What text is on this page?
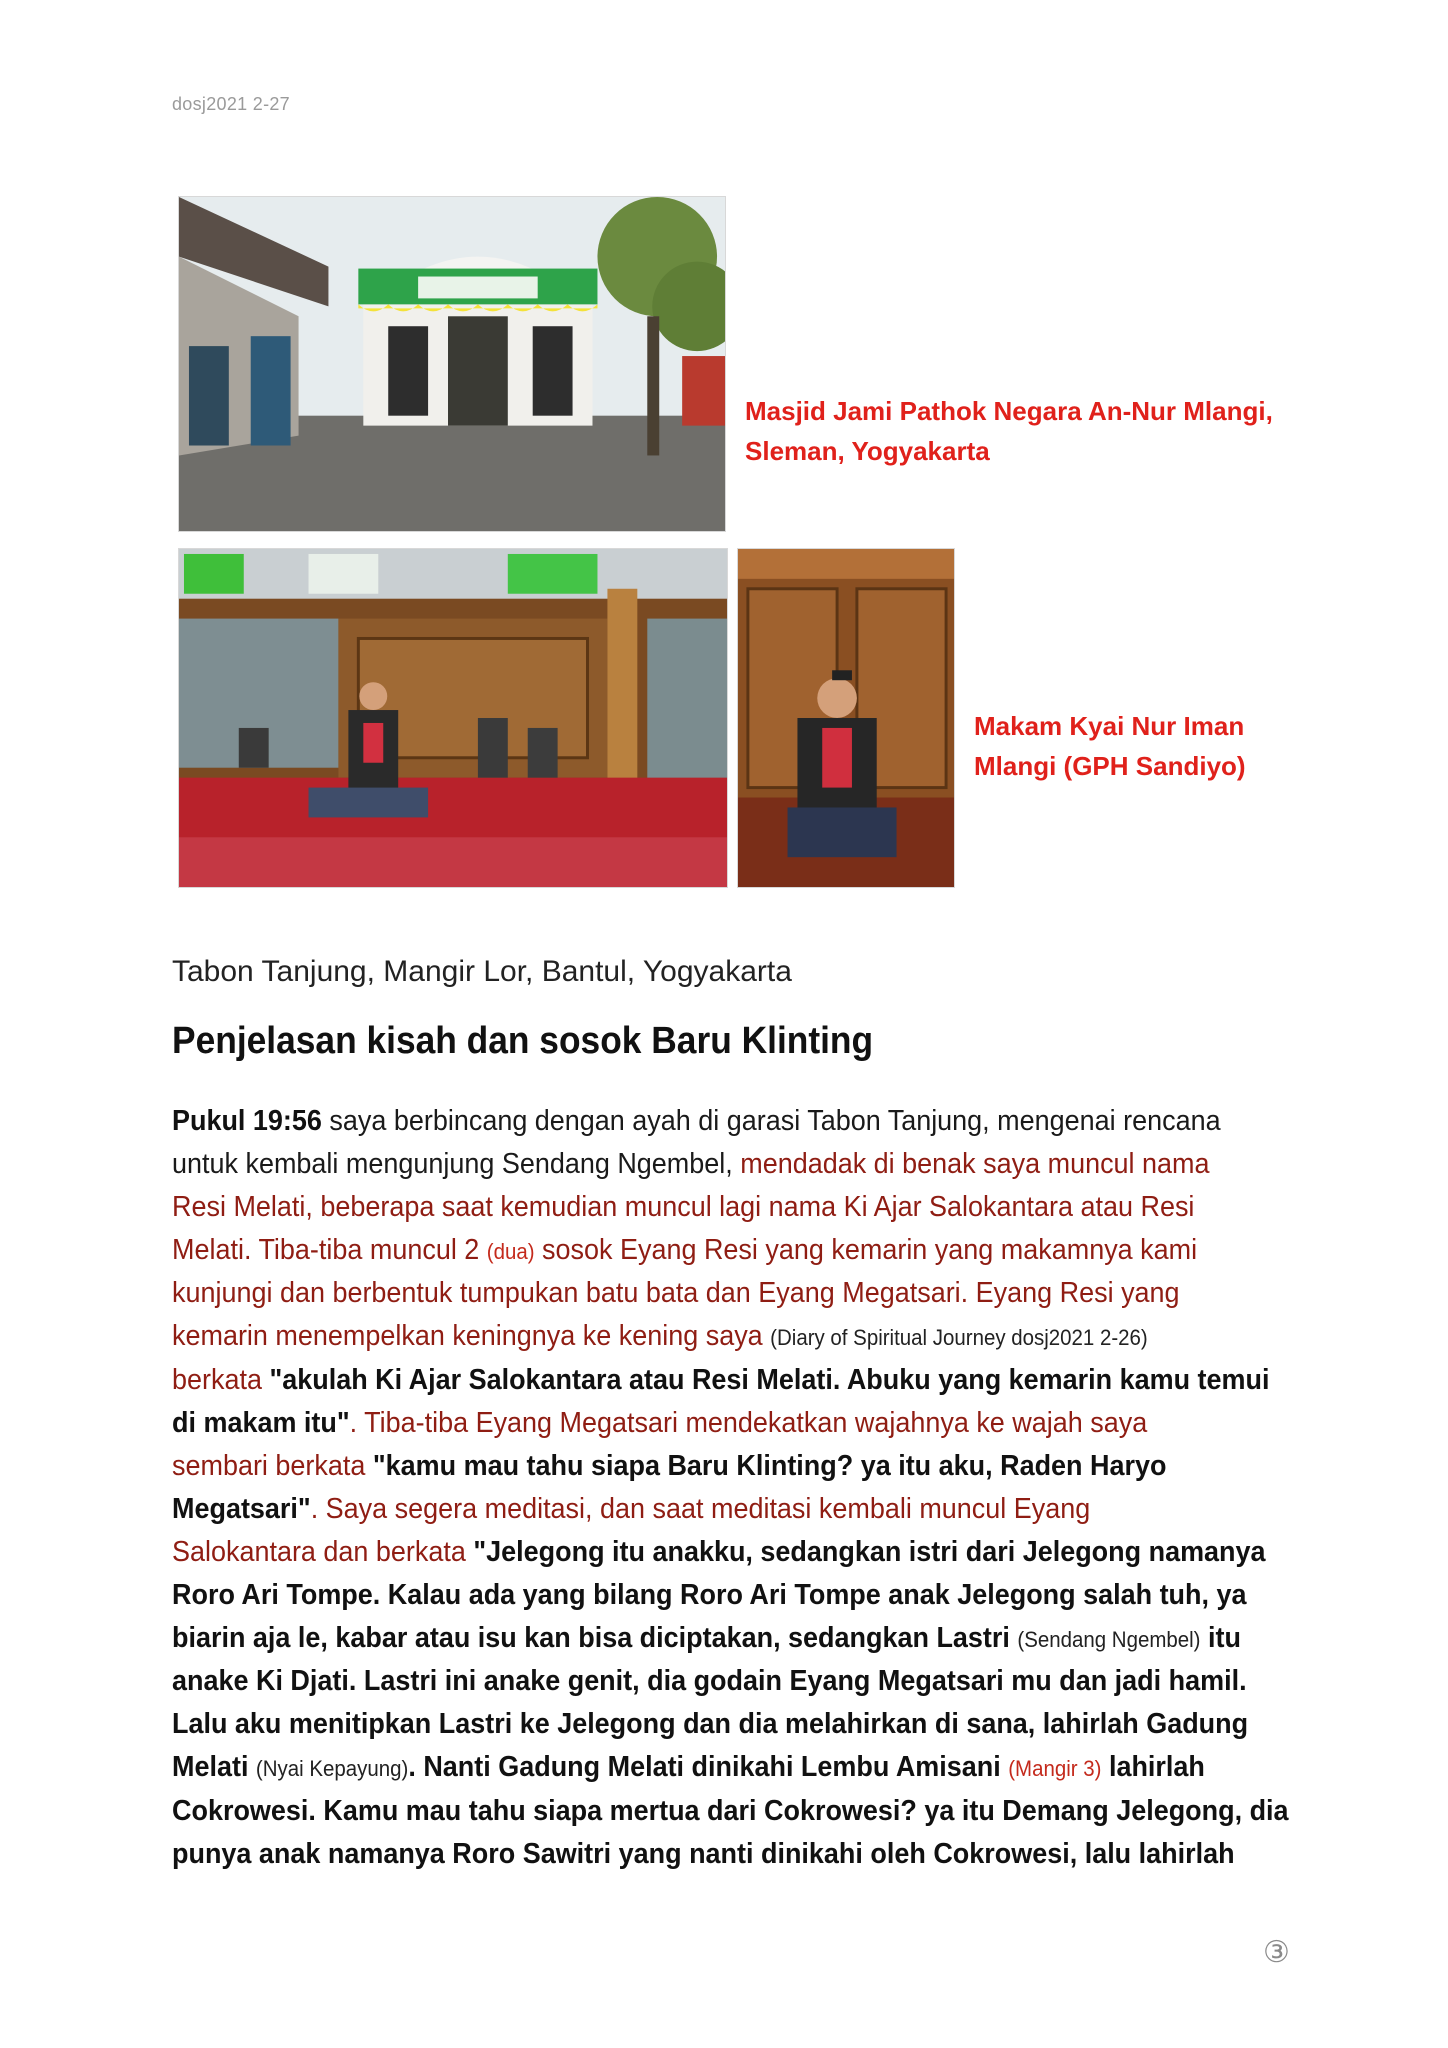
dosj2021 2-27
Masjid Jami Pathok Negara An-Nur Mlangi,
Sleman, Yogyakarta
Makam Kyai Nur Iman
Mlangi (GPH Sandiyo)
Tabon Tanjung, Mangir Lor, Bantul, Yogyakarta
Penjelasan kisah dan sosok Baru Klinting
Pukul 19:56 saya berbincang dengan ayah di garasi Tabon Tanjung, mengenai rencana
untuk kembali mengunjung Sendang Ngembel, mendadak di benak saya muncul nama
Resi Melati, beberapa saat kemudian muncul lagi nama Ki Ajar Salokantara atau Resi
Melati. Tiba-tiba muncul 2 (dua) sosok Eyang Resi yang kemarin yang makamnya kami
kunjungi dan berbentuk tumpukan batu bata dan Eyang Megatsari. Eyang Resi yang
kemarin menempelkan keningnya ke kening saya (Diary of Spiritual Journey dosj2021 2-26)
berkata "akulah Ki Ajar Salokantara atau Resi Melati. Abuku yang kemarin kamu temui
di makam itu". Tiba-tiba Eyang Megatsari mendekatkan wajahnya ke wajah saya
sembari berkata "kamu mau tahu siapa Baru Klinting? ya itu aku, Raden Haryo
Megatsari". Saya segera meditasi, dan saat meditasi kembali muncul Eyang
Salokantara dan berkata "Jelegong itu anakku, sedangkan istri dari Jelegong namanya
Roro Ari Tompe. Kalau ada yang bilang Roro Ari Tompe anak Jelegong salah tuh, ya
biarin aja le, kabar atau isu kan bisa diciptakan, sedangkan Lastri (Sendang Ngembel) itu
anake Ki Djati. Lastri ini anake genit, dia godain Eyang Megatsari mu dan jadi hamil.
Lalu aku menitipkan Lastri ke Jelegong dan dia melahirkan di sana, lahirlah Gadung
Melati (Nyai Kepayung). Nanti Gadung Melati dinikahi Lembu Amisani (Mangir 3) lahirlah
Cokrowesi. Kamu mau tahu siapa mertua dari Cokrowesi? ya itu Demang Jelegong, dia
punya anak namanya Roro Sawitri yang nanti dinikahi oleh Cokrowesi, lalu lahirlah
③
